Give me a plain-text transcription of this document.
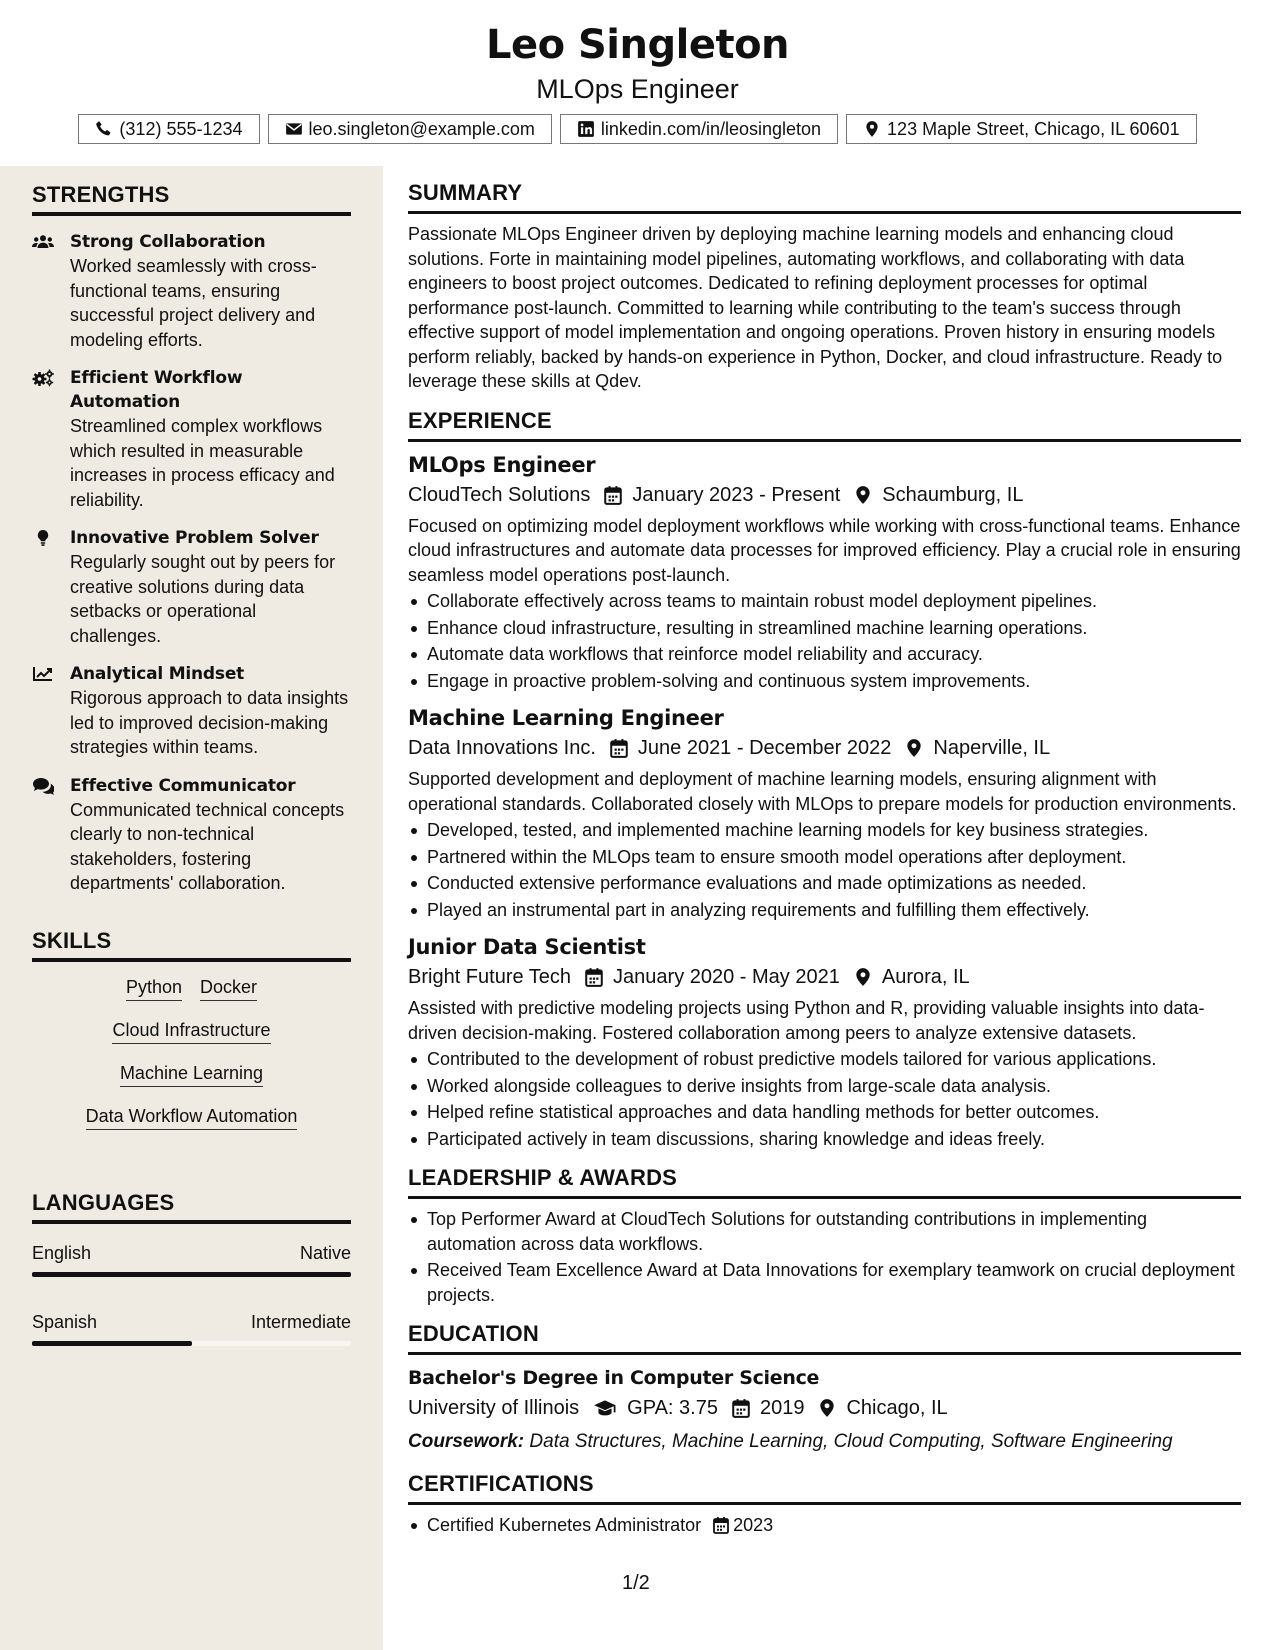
Leo Singleton
MLOps Engineer
(312) 555-1234	leo.singleton@example.com	linkedin.com/in/leosingleton	123 Maple Street, Chicago, IL 60601
STRENGTHS
Strong Collaboration
Worked seamlessly with cross-functional teams, ensuring successful project delivery and modeling efforts.
Efficient Workflow Automation
Streamlined complex workflows which resulted in measurable increases in process efficacy and reliability.
Innovative Problem Solver
Regularly sought out by peers for creative solutions during data setbacks or operational challenges.
Analytical Mindset
Rigorous approach to data insights led to improved decision-making strategies within teams.
Effective Communicator
Communicated technical concepts clearly to non-technical stakeholders, fostering departments' collaboration.
SKILLS
Python Docker
Cloud Infrastructure
Machine Learning
Data Workflow Automation
LANGUAGES
English	Native
Spanish	Intermediate
SUMMARY
Passionate MLOps Engineer driven by deploying machine learning models and enhancing cloud solutions. Forte in maintaining model pipelines, automating workflows, and collaborating with data engineers to boost project outcomes. Dedicated to refining deployment processes for optimal performance post-launch. Committed to learning while contributing to the team's success through effective support of model implementation and ongoing operations. Proven history in ensuring models perform reliably, backed by hands-on experience in Python, Docker, and cloud infrastructure. Ready to leverage these skills at Qdev.
EXPERIENCE
MLOps Engineer
CloudTech Solutions January 2023 - Present Schaumburg, IL
Focused on optimizing model deployment workflows while working with cross-functional teams. Enhance cloud infrastructures and automate data processes for improved efficiency. Play a crucial role in ensuring seamless model operations post-launch.
Collaborate effectively across teams to maintain robust model deployment pipelines.
Enhance cloud infrastructure, resulting in streamlined machine learning operations.
Automate data workflows that reinforce model reliability and accuracy.
Engage in proactive problem-solving and continuous system improvements.
Machine Learning Engineer
Data Innovations Inc. June 2021 - December 2022 Naperville, IL
Supported development and deployment of machine learning models, ensuring alignment with operational standards. Collaborated closely with MLOps to prepare models for production environments.
Developed, tested, and implemented machine learning models for key business strategies.
Partnered within the MLOps team to ensure smooth model operations after deployment.
Conducted extensive performance evaluations and made optimizations as needed.
Played an instrumental part in analyzing requirements and fulfilling them effectively.
Junior Data Scientist
Bright Future Tech January 2020 - May 2021 Aurora, IL
Assisted with predictive modeling projects using Python and R, providing valuable insights into data-driven decision-making. Fostered collaboration among peers to analyze extensive datasets.
Contributed to the development of robust predictive models tailored for various applications.
Worked alongside colleagues to derive insights from large-scale data analysis.
Helped refine statistical approaches and data handling methods for better outcomes.
Participated actively in team discussions, sharing knowledge and ideas freely.
LEADERSHIP & AWARDS
Top Performer Award at CloudTech Solutions for outstanding contributions in implementing automation across data workflows.
Received Team Excellence Award at Data Innovations for exemplary teamwork on crucial deployment projects.
EDUCATION
Bachelor's Degree in Computer Science
University of Illinois GPA: 3.75 2019 Chicago, IL
Coursework: Data Structures, Machine Learning, Cloud Computing, Software Engineering
CERTIFICATIONS
Certified Kubernetes Administrator 2023
1/2
